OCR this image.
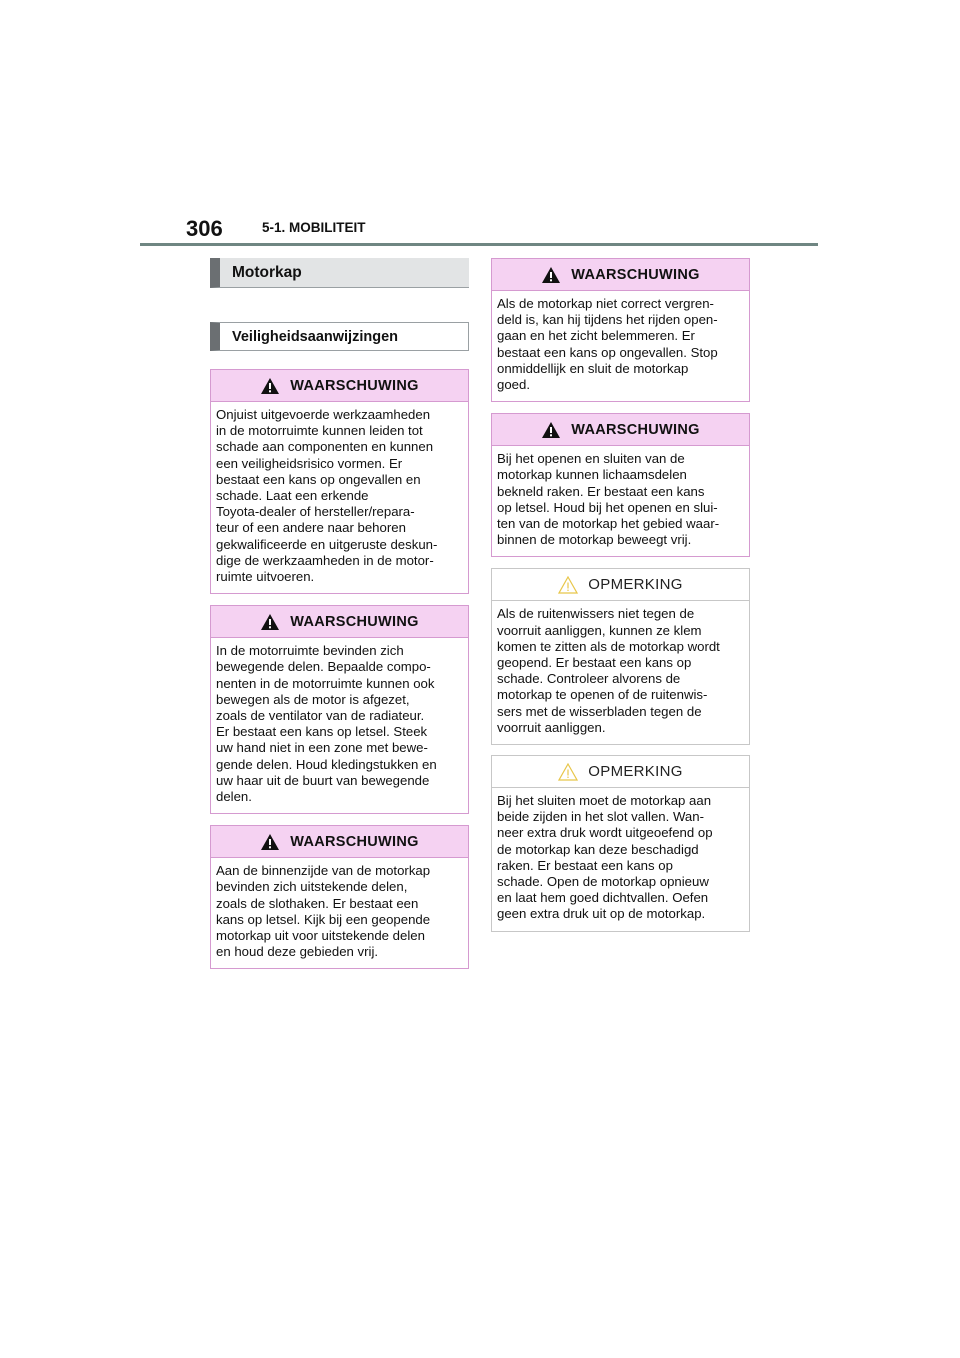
306	5-1. MOBILITEIT
Motorkap
Veiligheidsaanwijzingen
WAARSCHUWING
Onjuist uitgevoerde werkzaamheden
in de motorruimte kunnen leiden tot
schade aan componenten en kunnen
een veiligheidsrisico vormen. Er
bestaat een kans op ongevallen en
schade. Laat een erkende
Toyota-dealer of hersteller/repara-
teur of een andere naar behoren
gekwalificeerde en uitgeruste deskun-
dige de werkzaamheden in de motor-
ruimte uitvoeren.
WAARSCHUWING
In de motorruimte bevinden zich
bewegende delen. Bepaalde compo-
nenten in de motorruimte kunnen ook
bewegen als de motor is afgezet,
zoals de ventilator van de radiateur.
Er bestaat een kans op letsel. Steek
uw hand niet in een zone met bewe-
gende delen. Houd kledingstukken en
uw haar uit de buurt van bewegende
delen.
WAARSCHUWING
Aan de binnenzijde van de motorkap
bevinden zich uitstekende delen,
zoals de slothaken. Er bestaat een
kans op letsel. Kijk bij een geopende
motorkap uit voor uitstekende delen
en houd deze gebieden vrij.
WAARSCHUWING
Als de motorkap niet correct vergren-
deld is, kan hij tijdens het rijden open-
gaan en het zicht belemmeren. Er
bestaat een kans op ongevallen. Stop
onmiddellijk en sluit de motorkap
goed.
WAARSCHUWING
Bij het openen en sluiten van de
motorkap kunnen lichaamsdelen
bekneld raken. Er bestaat een kans
op letsel. Houd bij het openen en slui-
ten van de motorkap het gebied waar-
binnen de motorkap beweegt vrij.
OPMERKING
Als de ruitenwissers niet tegen de
voorruit aanliggen, kunnen ze klem
komen te zitten als de motorkap wordt
geopend. Er bestaat een kans op
schade. Controleer alvorens de
motorkap te openen of de ruitenwis-
sers met de wisserbladen tegen de
voorruit aanliggen.
OPMERKING
Bij het sluiten moet de motorkap aan
beide zijden in het slot vallen. Wan-
neer extra druk wordt uitgeoefend op
de motorkap kan deze beschadigd
raken. Er bestaat een kans op
schade. Open de motorkap opnieuw
en laat hem goed dichtvallen. Oefen
geen extra druk uit op de motorkap.
